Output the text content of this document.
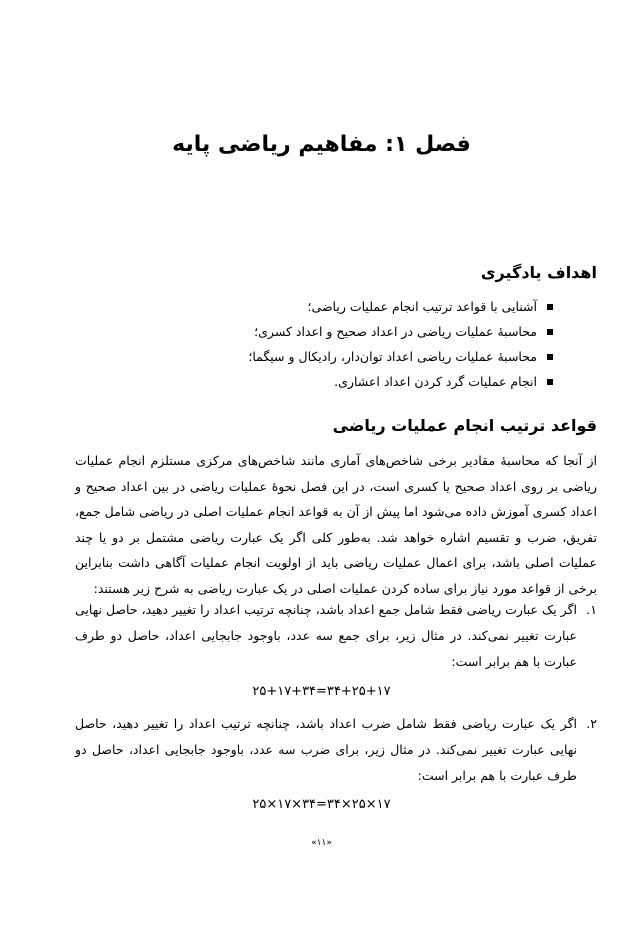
فصل ۱: مفاهیم ریاضی پایه
اهداف یادگیری
آشنایی با قواعد ترتیب انجام عملیات ریاضی؛
محاسبهٔ عملیات ریاضی در اعداد صحیح و اعداد کسری؛
محاسبهٔ عملیات ریاضی اعداد توان‌دار، رادیکال و سیگما؛
انجام عملیات گرد کردن اعداد اعشاری.
قواعد ترتیب انجام عملیات ریاضی
از آنجا که محاسبهٔ مقادیر برخی شاخص‌های آماری مانند شاخص‌های مرکزی مستلزم انجام عملیات ریاضی بر روی اعداد صحیح یا کسری است، در این فصل نحوهٔ عملیات ریاضی در بین اعداد صحیح و اعداد کسری آموزش داده می‌شود اما پیش از آن به قواعد انجام عملیات اصلی در ریاضی شامل جمع، تفریق، ضرب و تقسیم اشاره خواهد شد. به‌طور کلی اگر یک عبارت ریاضی مشتمل بر دو یا چند عملیات اصلی باشد، برای اعمال عملیات ریاضی باید از اولویت انجام عملیات آگاهی داشت بنابراین برخی از قواعد مورد نیاز برای ساده کردن عملیات اصلی در یک عبارت ریاضی به شرح زیر هستند:
۱.
اگر یک عبارت ریاضی فقط شامل جمع اعداد باشد، چنانچه ترتیب اعداد را تغییر دهید، حاصل نهایی عبارت تغییر نمی‌کند. در مثال زیر، برای جمع سه عدد، باوجود جابجایی اعداد، حاصل دو طرف عبارت با هم برابر است:
۲۵+۱۷+۳۴=۳۴+۲۵+۱۷
۲.
اگر یک عبارت ریاضی فقط شامل ضرب اعداد باشد، چنانچه ترتیب اعداد را تغییر دهید، حاصل نهایی عبارت تغییر نمی‌کند. در مثال زیر، برای ضرب سه عدد، باوجود جابجایی اعداد، حاصل دو طرف عبارت با هم برابر است:
۲۵×۱۷×۳۴=۳۴×۲۵×۱۷
«۱۱»
